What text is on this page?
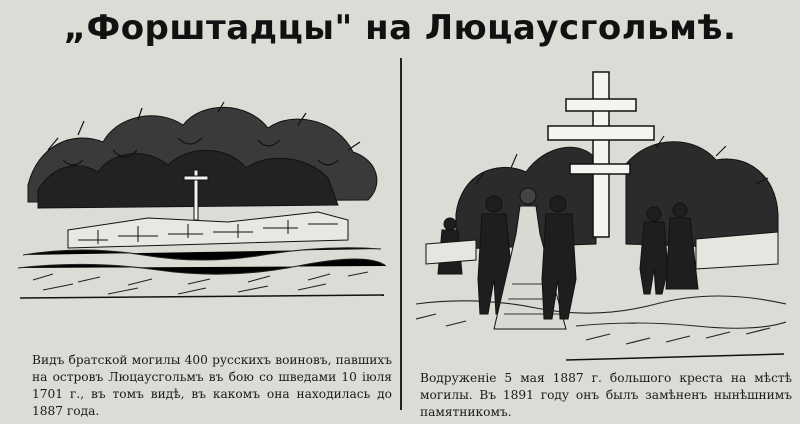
„Форштадцы" на Люцаусгольмѣ.
Видъ братской могилы 400 русскихъ воиновъ, павшихъ на островъ Люцаусгольмъ въ бою со шведами 10 іюля 1701 г., въ томъ видѣ, въ какомъ она находилась до 1887 года.
Водруженіе 5 мая 1887 г. большого креста на мѣстѣ могилы. Въ 1891 году онъ былъ замѣненъ нынѣшнимъ памятникомъ.
